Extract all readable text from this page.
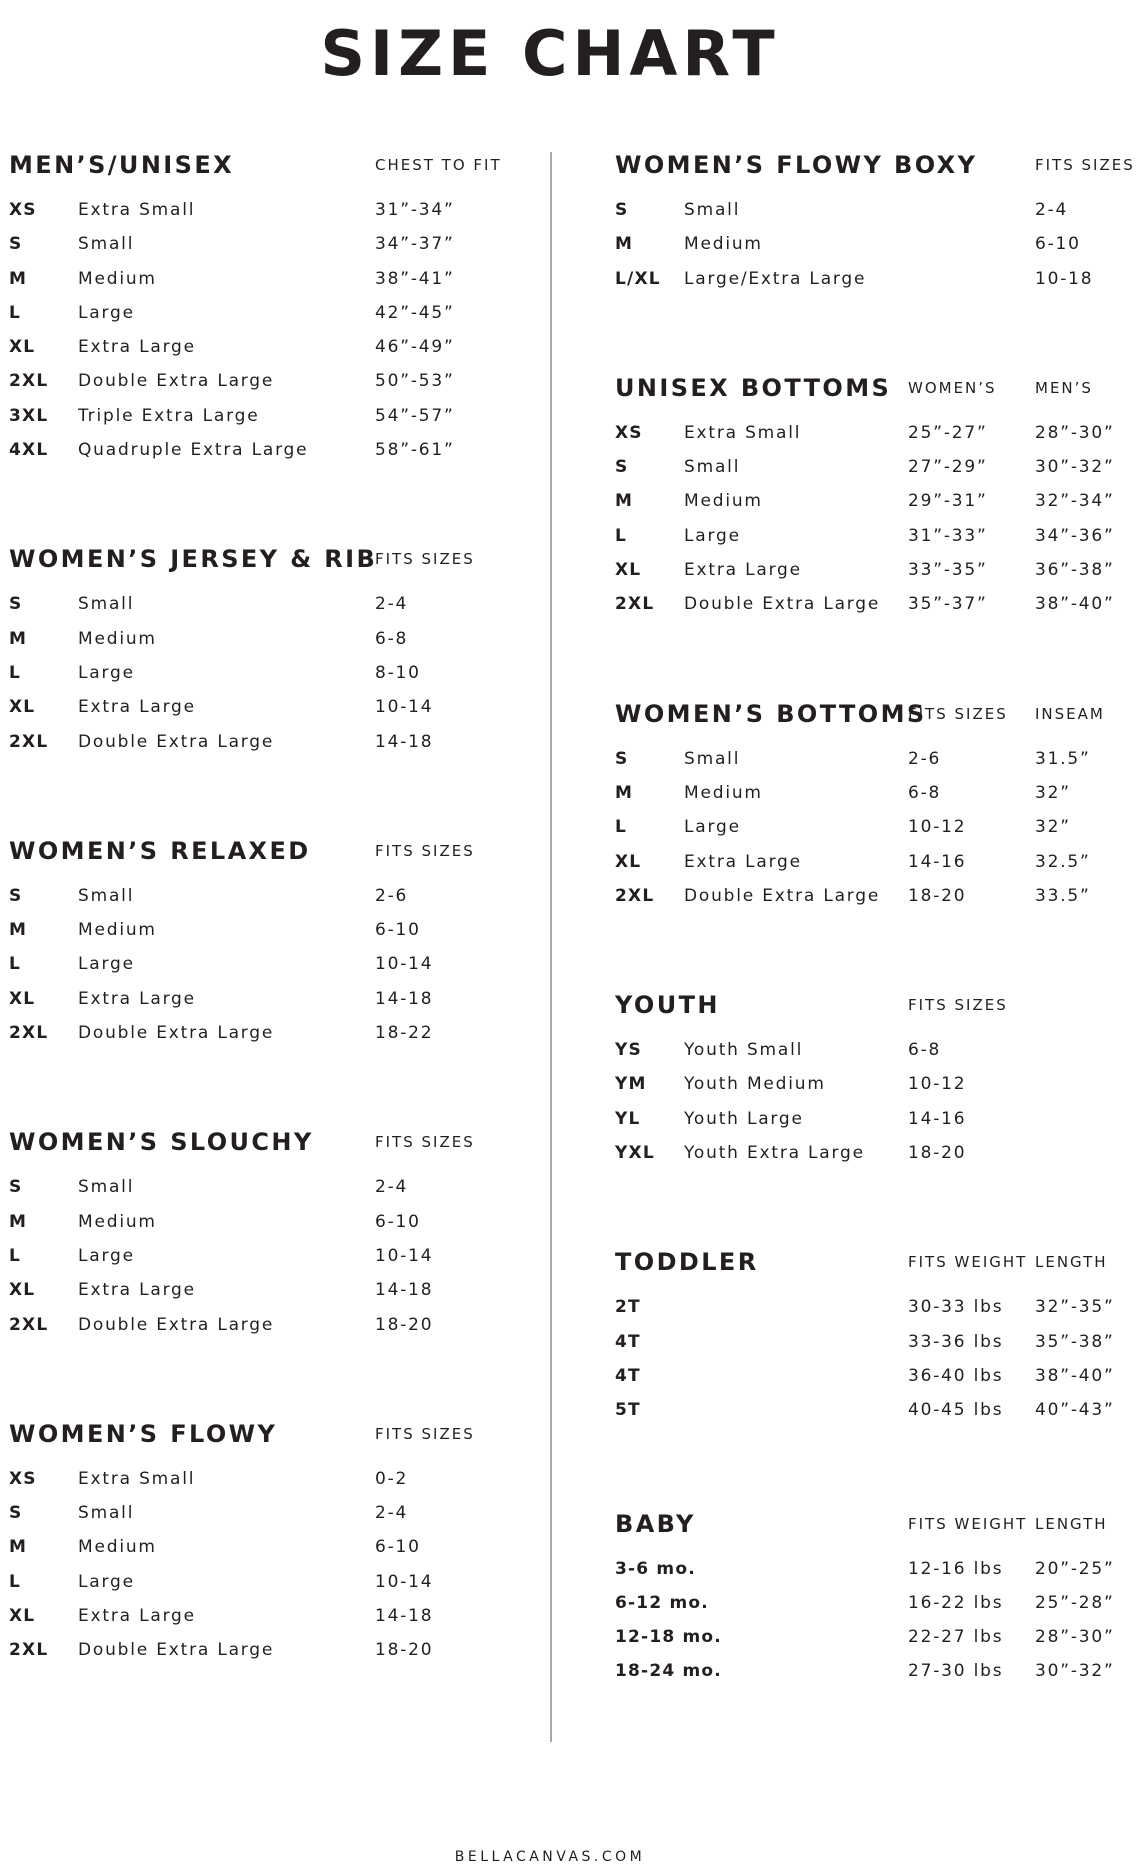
SIZE CHART
MEN’S/UNISEX	CHEST TO FIT
XS Extra Small	31”-34”
S	Small	34”-37”
M	Medium	38”-41”
L	Large	42”-45”
XL	Extra Large	46”-49”
2XL Double Extra Large	50”-53”
3XL Triple Extra Large	54”-57”
4XL Quadruple Extra Large	58”-61”
WOMEN’S JERSEY & RIB
FITS SIZES
S	Small	2-4
M	Medium	6-8
L	Large	8-10
XL	Extra Large	10-14
2XL Double Extra Large	14-18
WOMEN’S RELAXED	FITS SIZES
S	Small	2-6
M	Medium	6-10
L	Large	10-14
XL	Extra Large	14-18
2XL Double Extra Large	18-22
WOMEN’S SLOUCHY	FITS SIZES
S	Small	2-4
M	Medium	6-10
L	Large	10-14
XL	Extra Large	14-18
2XL Double Extra Large	18-20
WOMEN’S FLOWY	FITS SIZES
XS Extra Small	0-2
S	Small	2-4
M	Medium	6-10
L	Large	10-14
XL	Extra Large	14-18
2XL Double Extra Large	18-20
WOMEN’S FLOWY BOXY	FITS SIZES
S	Small	2-4
M	Medium	6-10
L/XL Large/Extra Large	10-18
UNISEX BOTTOMS WOMEN’S	MEN’S
XS Extra Small	25”-27”	28”-30”
S	Small	27”-29”	30”-32”
M	Medium	29”-31”	32”-34”
L	Large	31”-33”	34”-36”
XL	Extra Large	33”-35”	36”-38”
2XL Double Extra Large 35”-37”	38”-40”
WOMEN’S BOTTOMS
FITS SIZES INSEAM
S	Small	2-6	31.5”
M	Medium	6-8	32”
L	Large	10-12	32”
XL	Extra Large	14-16	32.5”
2XL Double Extra Large 18-20	33.5”
YOUTH	FITS SIZES
YS Youth Small	6-8
YM Youth Medium	10-12
YL	Youth Large	14-16
YXL Youth Extra Large	18-20
TODDLER	FITS WEIGHT LENGTH
2T	30-33 lbs 32”-35”
4T	33-36 lbs 35”-38”
4T	36-40 lbs 38”-40”
5T	40-45 lbs 40”-43”
BABY	FITS WEIGHT LENGTH
3-6 mo.	12-16 lbs 20”-25”
6-12 mo.	16-22 lbs 25”-28”
12-18 mo.	22-27 lbs 28”-30”
18-24 mo.	27-30 lbs 30”-32”
BELLACANVAS.COM
